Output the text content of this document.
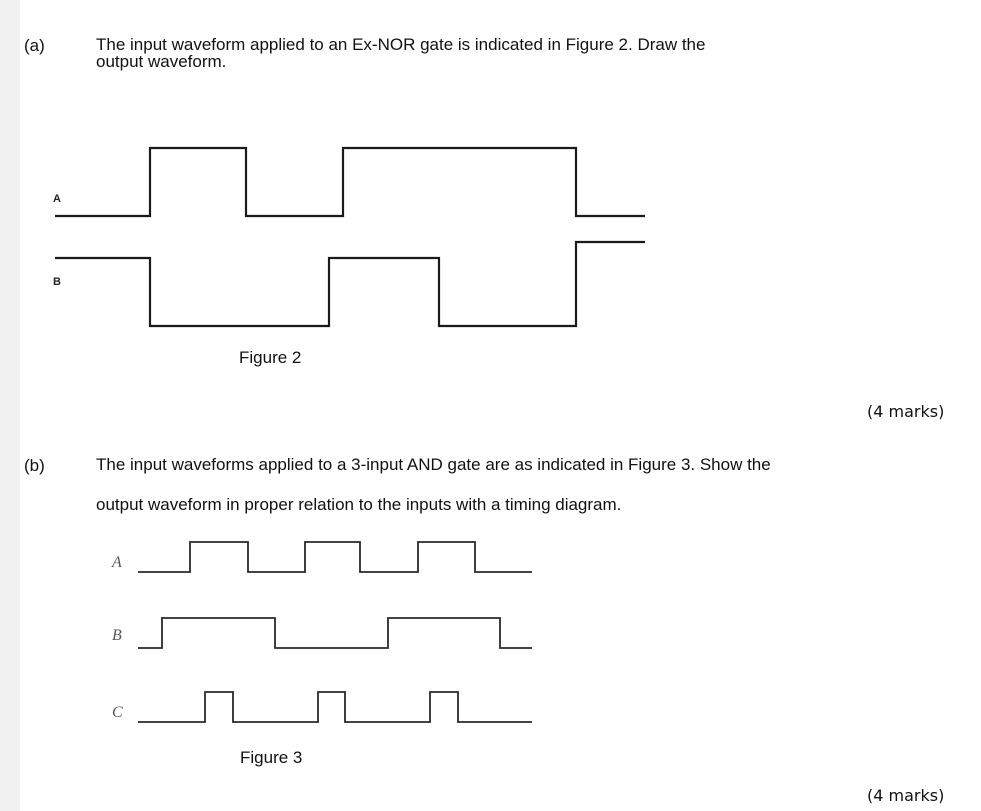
(a)	The input waveform applied to an Ex-NOR gate is indicated in Figure 2. Draw the
output waveform.
A
B
A
B
C
Figure 2
(4 marks)
(b)	The input waveforms applied to a 3-input AND gate are as indicated in Figure 3. Show the
output waveform in proper relation to the inputs with a timing diagram.
Figure 3
(4 marks)
